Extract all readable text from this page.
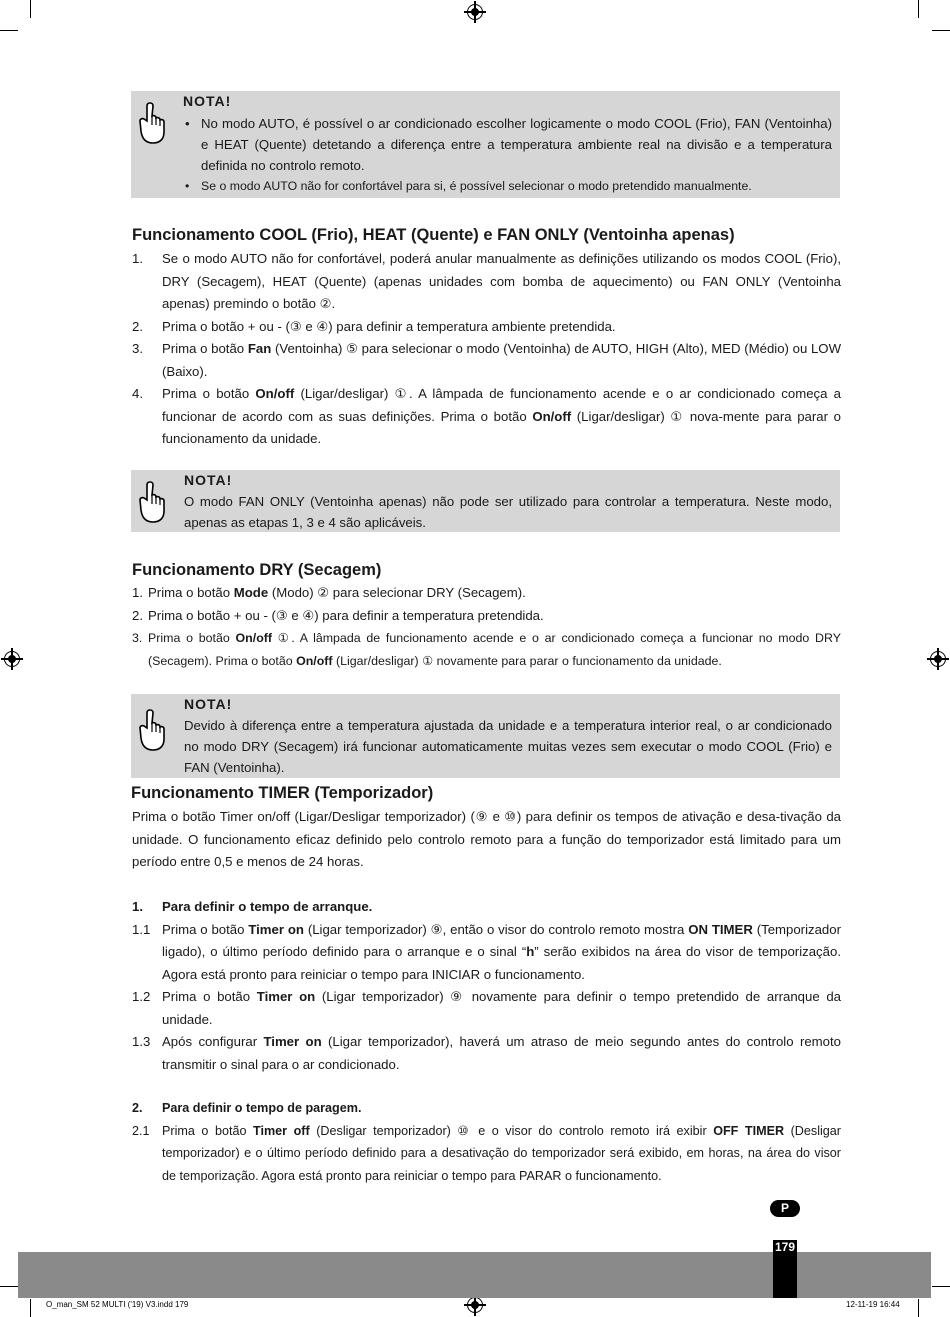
NOTA!
• No modo AUTO, é possível o ar condicionado escolher logicamente o modo COOL (Frio), FAN (Ventoinha) e HEAT (Quente) detetando a diferença entre a temperatura ambiente real na divisão e a temperatura definida no controlo remoto.
• Se o modo AUTO não for confortável para si, é possível selecionar o modo pretendido manualmente.
Funcionamento COOL (Frio), HEAT (Quente) e FAN ONLY (Ventoinha apenas)
1.	Se o modo AUTO não for confortável, poderá anular manualmente as definições utilizando os modos COOL (Frio), DRY (Secagem), HEAT (Quente) (apenas unidades com bomba de aquecimento) ou FAN ONLY (Ventoinha apenas) premindo o botão ②.
2.	Prima o botão + ou - (③ e ④) para definir a temperatura ambiente pretendida.
3.	Prima o botão Fan (Ventoinha) ⑤ para selecionar o modo (Ventoinha) de AUTO, HIGH (Alto), MED (Médio) ou LOW (Baixo).
4.	Prima o botão On/off (Ligar/desligar) ①. A lâmpada de funcionamento acende e o ar condicionado começa a funcionar de acordo com as suas definições. Prima o botão On/off (Ligar/desligar) ① nova-mente para parar o funcionamento da unidade.
NOTA!

O modo FAN ONLY (Ventoinha apenas) não pode ser utilizado para controlar a temperatura. Neste modo, apenas as etapas 1, 3 e 4 são aplicáveis.

Funcionamento DRY (Secagem)
1. Prima o botão Mode (Modo) ② para selecionar DRY (Secagem).
2. Prima o botão + ou - (③ e ④) para definir a temperatura pretendida.
3. Prima o botão On/off ①. A lâmpada de funcionamento acende e o ar condicionado começa a funcionar no modo DRY (Secagem). Prima o botão On/off (Ligar/desligar) ① novamente para parar o funcionamento da unidade.
NOTA!

Devido à diferença entre a temperatura ajustada da unidade e a temperatura interior real, o ar condicionado no modo DRY (Secagem) irá funcionar automaticamente muitas vezes sem executar o modo COOL (Frio) e FAN (Ventoinha).

Funcionamento TIMER (Temporizador)

Prima o botão Timer on/off (Ligar/Desligar temporizador) (⑨ e ⑩) para definir os tempos de ativação e desa-tivação da unidade. O funcionamento eficaz definido pelo controlo remoto para a função do temporizador está limitado para um período entre 0,5 e menos de 24 horas.

1.	Para definir o tempo de arranque.
1.1 Prima o botão Timer on (Ligar temporizador) ⑨, então o visor do controlo remoto mostra ON TIMER (Temporizador ligado), o último período definido para o arranque e o sinal “h” serão exibidos na área do visor de temporização. Agora está pronto para reiniciar o tempo para INICIAR o funcionamento.
1.2 Prima o botão Timer on (Ligar temporizador) ⑨ novamente para definir o tempo pretendido de arranque da unidade.
1.3 Após configurar Timer on (Ligar temporizador), haverá um atraso de meio segundo antes do controlo remoto transmitir o sinal para o ar condicionado.
2.	Para definir o tempo de paragem.
2.1 Prima o botão Timer off (Desligar temporizador) ⑩ e o visor do controlo remoto irá exibir OFF TIMER (Desligar temporizador) e o último período definido para a desativação do temporizador será exibido, em horas, na área do visor de temporização. Agora está pronto para reiniciar o tempo para PARAR o funcionamento.
P
179
O_man_SM 52 MULTI ('19) V3.indd 179	12-11-19 16:44
